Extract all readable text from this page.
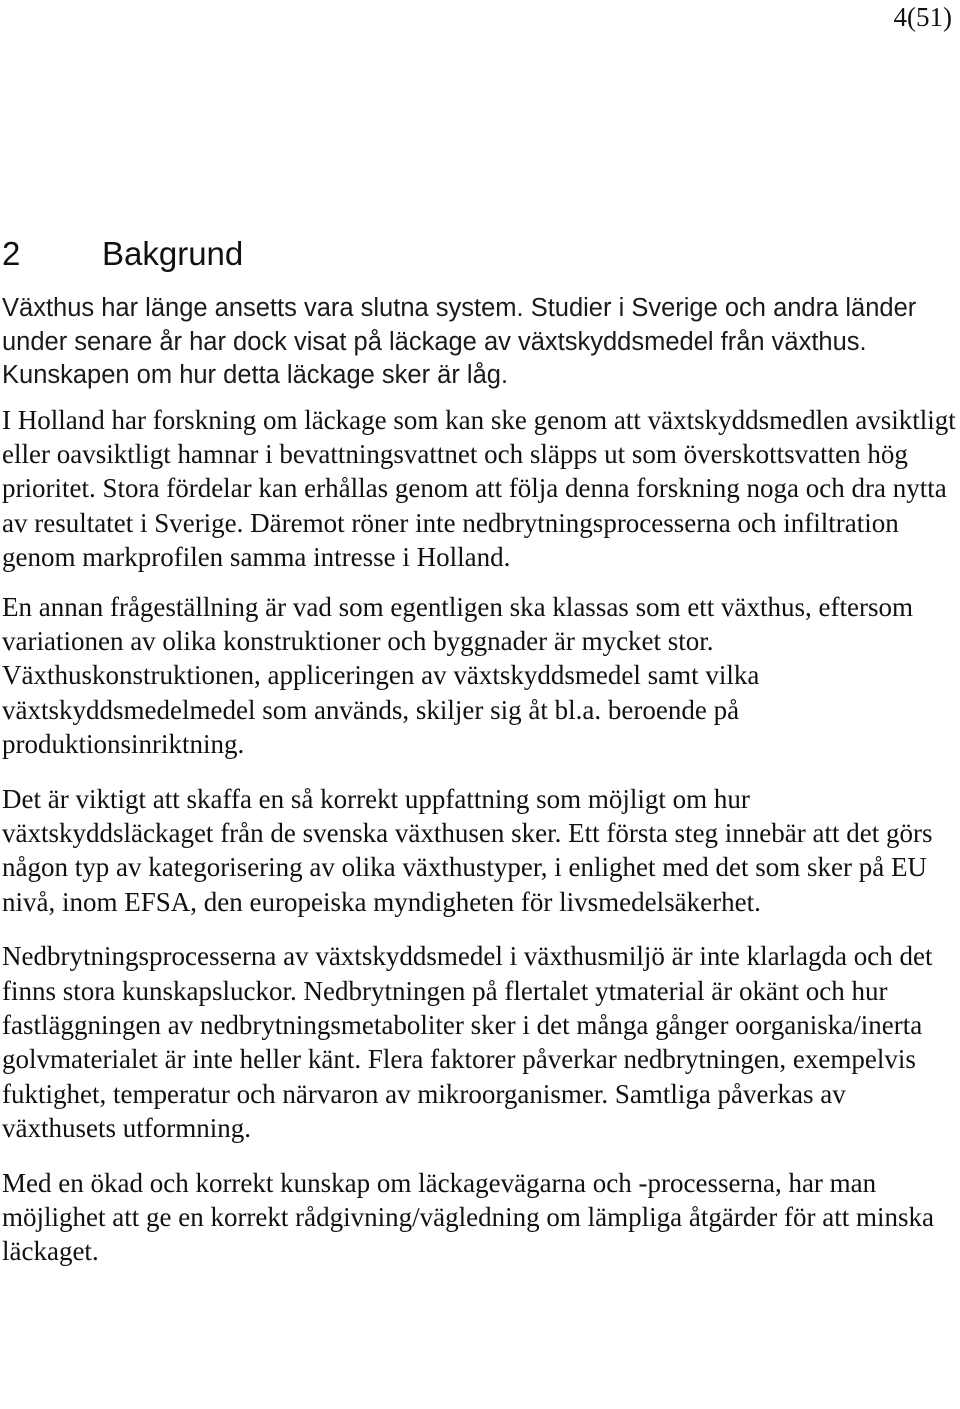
4(51)

2	Bakgrund

Växthus har länge ansetts vara slutna system. Studier i Sverige och andra länder under senare år har dock visat på läckage av växtskyddsmedel från växthus. Kunskapen om hur detta läckage sker är låg.

I Holland har forskning om läckage som kan ske genom att växtskyddsmedlen avsiktligt eller oavsiktligt hamnar i bevattningsvattnet och släpps ut som överskottsvatten hög prioritet. Stora fördelar kan erhållas genom att följa denna forskning noga och dra nytta av resultatet i Sverige. Däremot röner inte nedbrytningsprocesserna och infiltration genom markprofilen samma intresse i Holland.

En annan frågeställning är vad som egentligen ska klassas som ett växthus, eftersom variationen av olika konstruktioner och byggnader är mycket stor. Växthuskonstruktionen, appliceringen av växtskyddsmedel samt vilka växtskyddsmedelmedel som används, skiljer sig åt bl.a. beroende på produktionsinriktning.

Det är viktigt att skaffa en så korrekt uppfattning som möjligt om hur växtskyddsläckaget från de svenska växthusen sker. Ett första steg innebär att det görs någon typ av kategorisering av olika växthustyper, i enlighet med det som sker på EU nivå, inom EFSA, den europeiska myndigheten för livsmedelsäkerhet.

Nedbrytningsprocesserna av växtskyddsmedel i växthusmiljö är inte klarlagda och det finns stora kunskapsluckor. Nedbrytningen på flertalet ytmaterial är okänt och hur fastläggningen av nedbrytningsmetaboliter sker i det många gånger oorganiska/inerta golvmaterialet är inte heller känt. Flera faktorer påverkar nedbrytningen, exempelvis fuktighet, temperatur och närvaron av mikroorganismer. Samtliga påverkas av växthusets utformning.

Med en ökad och korrekt kunskap om läckagevägarna och -processerna, har man möjlighet att ge en korrekt rådgivning/vägledning om lämpliga åtgärder för att minska läckaget.
